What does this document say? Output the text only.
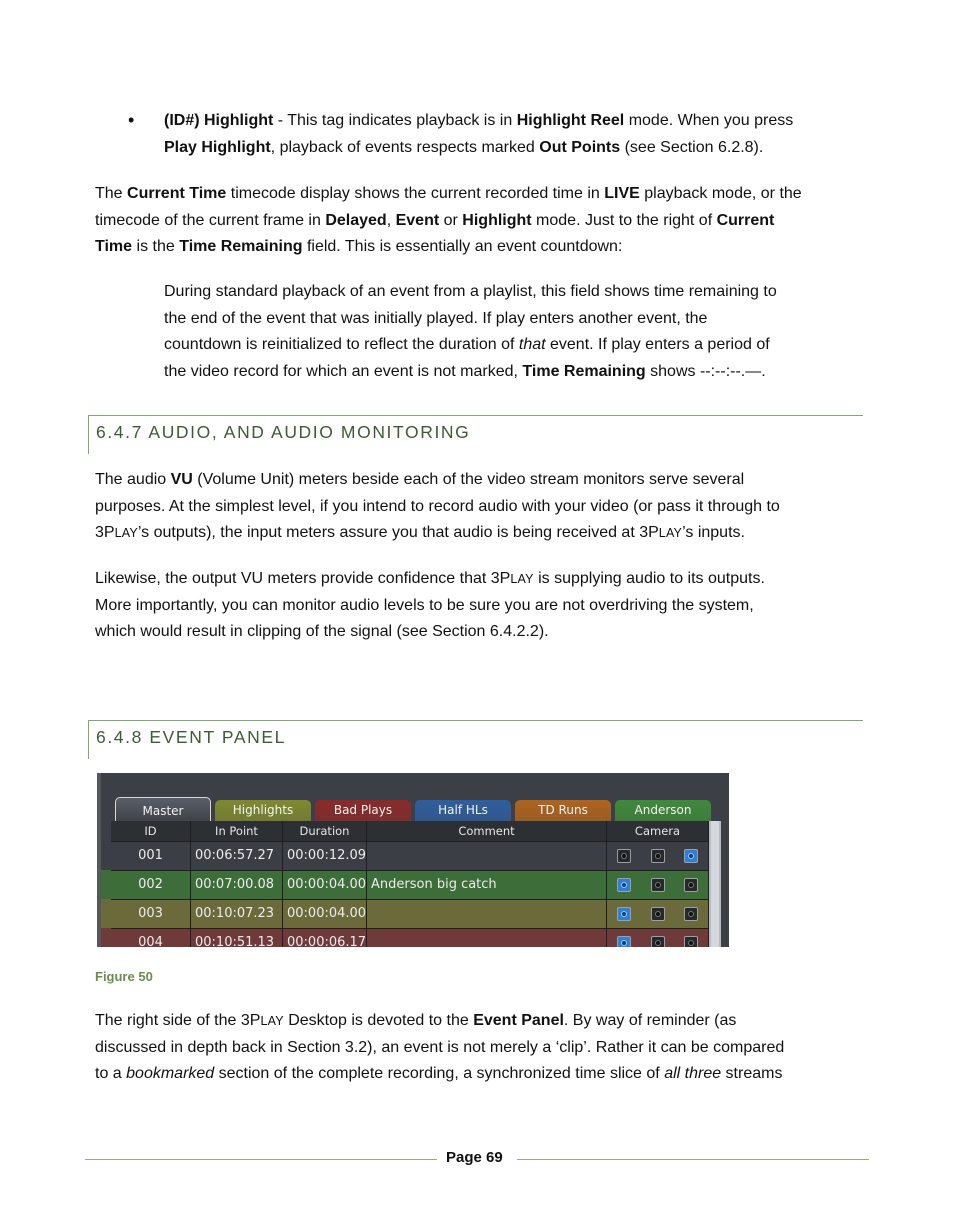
• (ID#) Highlight - This tag indicates playback is in Highlight Reel mode. When you press
Play Highlight, playback of events respects marked Out Points (see Section 6.2.8).
The Current Time timecode display shows the current recorded time in LIVE playback mode, or the
timecode of the current frame in Delayed, Event or Highlight mode. Just to the right of Current
Time is the Time Remaining field. This is essentially an event countdown:
During standard playback of an event from a playlist, this field shows time remaining to
the end of the event that was initially played. If play enters another event, the
countdown is reinitialized to reflect the duration of that event. If play enters a period of
the video record for which an event is not marked, Time Remaining shows --:--:--.—.
6.4.7 AUDIO, AND AUDIO MONITORING
The audio VU (Volume Unit) meters beside each of the video stream monitors serve several
purposes. At the simplest level, if you intend to record audio with your video (or pass it through to
3PLAY’s outputs), the input meters assure you that audio is being received at 3PLAY’s inputs.
Likewise, the output VU meters provide confidence that 3PLAY is supplying audio to its outputs.
More importantly, you can monitor audio levels to be sure you are not overdriving the system,
which would result in clipping of the signal (see Section 6.4.2.2).
6.4.8 EVENT PANEL
Master	Highlights	Bad Plays	Half HLs	TD Runs	Anderson
ID	In Point	Duration	Comment	Camera
001	00:06:57.27 00:00:12.09
002	00:07:00.08 00:00:04.00 Anderson big catch
003	00:10:07.23 00:00:04.00
004	00:10:51.13 00:00:06.17
Figure 50
The right side of the 3PLAY Desktop is devoted to the Event Panel. By way of reminder (as
discussed in depth back in Section 3.2), an event is not merely a ‘clip’. Rather it can be compared
to a bookmarked section of the complete recording, a synchronized time slice of all three streams
Page 69
